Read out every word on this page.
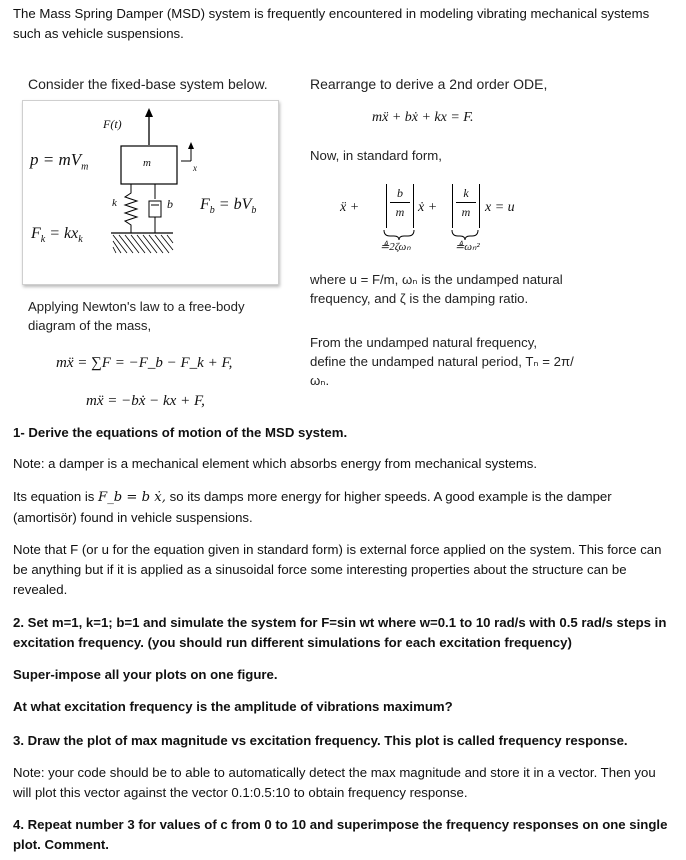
The Mass Spring Damper (MSD) system is frequently encountered in modeling vibrating mechanical systems such as vehicle suspensions.

Consider the fixed-base system below.	Rearrange to derive a 2nd order ODE,
F(t)
m	x
k	b
$p = mV_m$
$F_b = bV_b$
$F_k = kx_k$
mẍ + bẋ + kx = F.
Now, in standard form,
ẍ +
b
m ẋ +
k
m	x = u
≜2ζωₙ	≜ωₙ²
where u = F/m, ωₙ is the undamped natural frequency, and ζ is the damping ratio.
From the undamped natural frequency, define the undamped natural period, Tₙ = 2π/ωₙ.
Applying Newton's law to a free-body diagram of the mass,
mẍ = ∑F = −F_b − F_k + F,
mẍ = −bẋ − kx + F,

1- Derive the equations of motion of the MSD system.

Note: a damper is a mechanical element which absorbs energy from mechanical systems.

Its equation is F_b = b ẋ, so its damps more energy for higher speeds. A good example is the damper (amortisör) found in vehicle suspensions.

Note that F (or u for the equation given in standard form) is external force applied on the system. This force can be anything but if it is applied as a sinusoidal force some interesting properties about the structure can be revealed.

2. Set m=1, k=1; b=1 and simulate the system for F=sin wt where w=0.1 to 10 rad/s with 0.5 rad/s steps in excitation frequency. (you should run different simulations for each excitation frequency)

Super-impose all your plots on one figure.

At what excitation frequency is the amplitude of vibrations maximum?

3. Draw the plot of max magnitude vs excitation frequency. This plot is called frequency response.

Note: your code should be to able to automatically detect the max magnitude and store it in a vector. Then you will plot this vector against the vector 0.1:0.5:10 to obtain frequency response.

4. Repeat number 3 for values of c from 0 to 10 and superimpose the frequency responses on one single plot. Comment.
